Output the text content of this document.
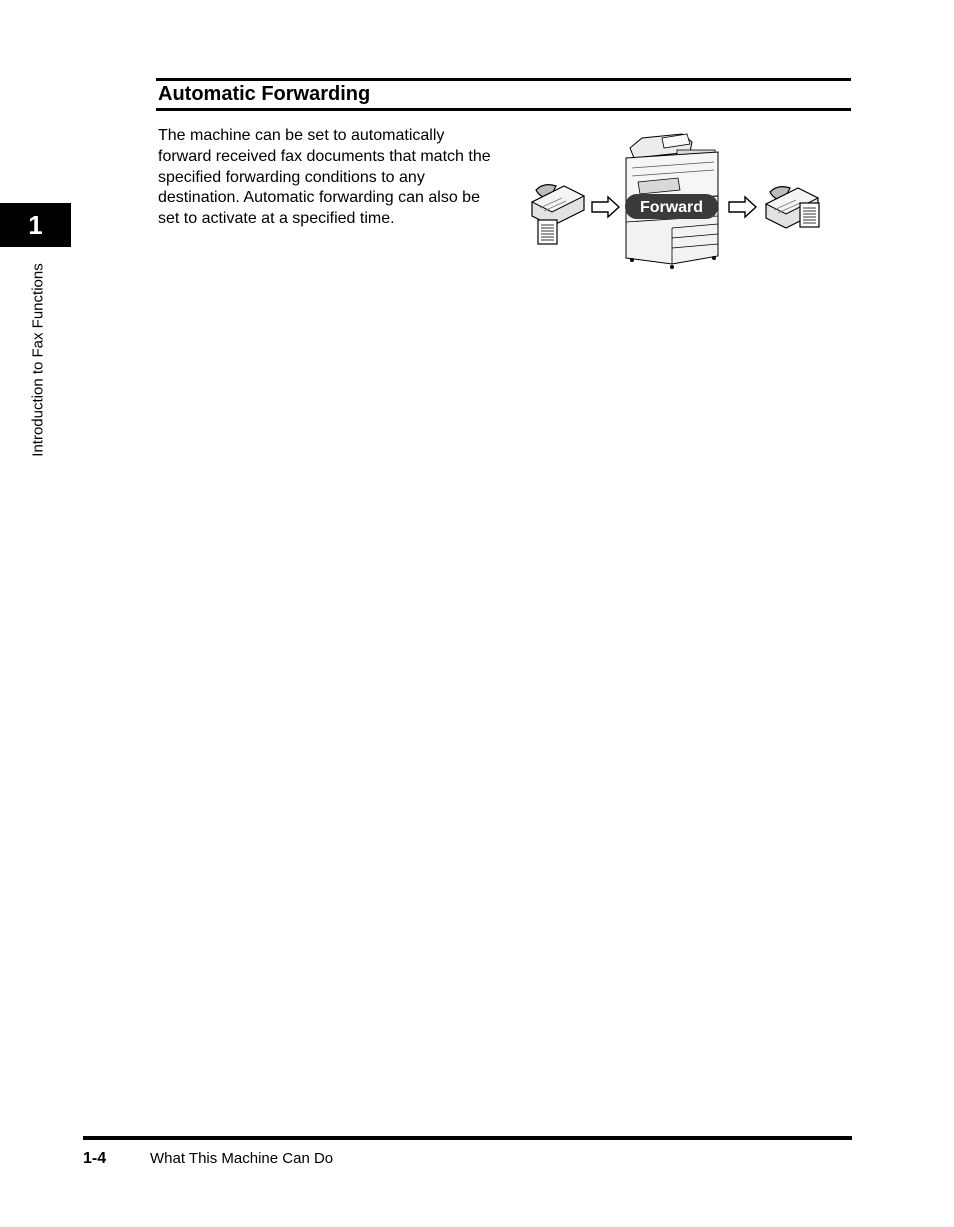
1
Introduction to Fax Functions
Automatic Forwarding
The machine can be set to automatically forward received fax documents that match the specified forwarding conditions to any destination. Automatic forwarding can also be set to activate at a specified time.
Forward
1-4	What This Machine Can Do
